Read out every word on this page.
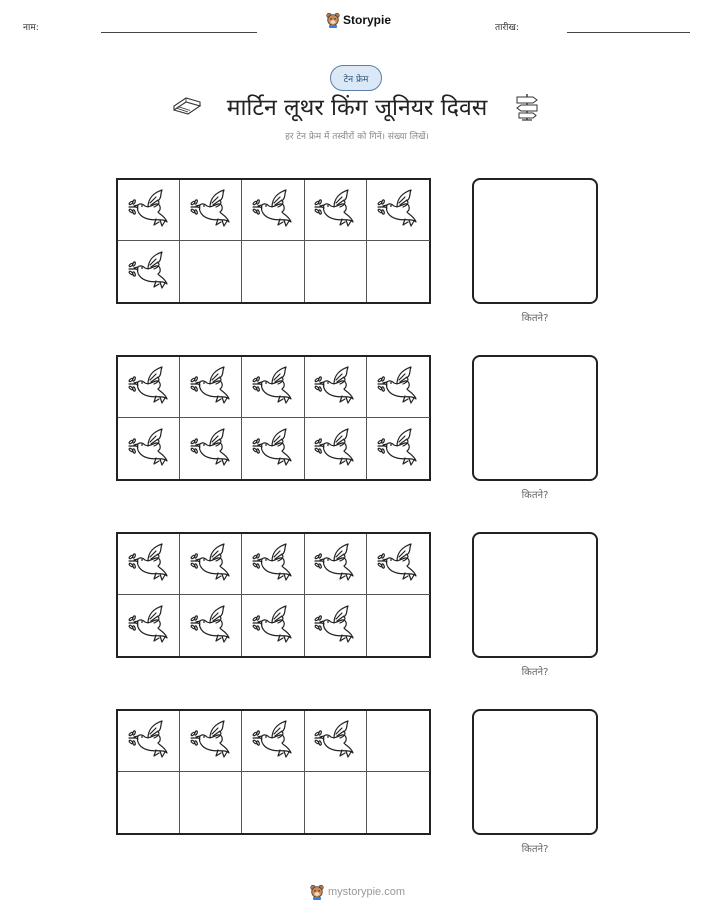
नाम:
Storypie
तारीख:
टेन फ्रेम
मार्टिन लूथर किंग जूनियर दिवस
हर टेन फ्रेम में तस्वीरों को गिनें। संख्या लिखें।
कितने?
कितने?
कितने?
कितने?
mystorypie.com
